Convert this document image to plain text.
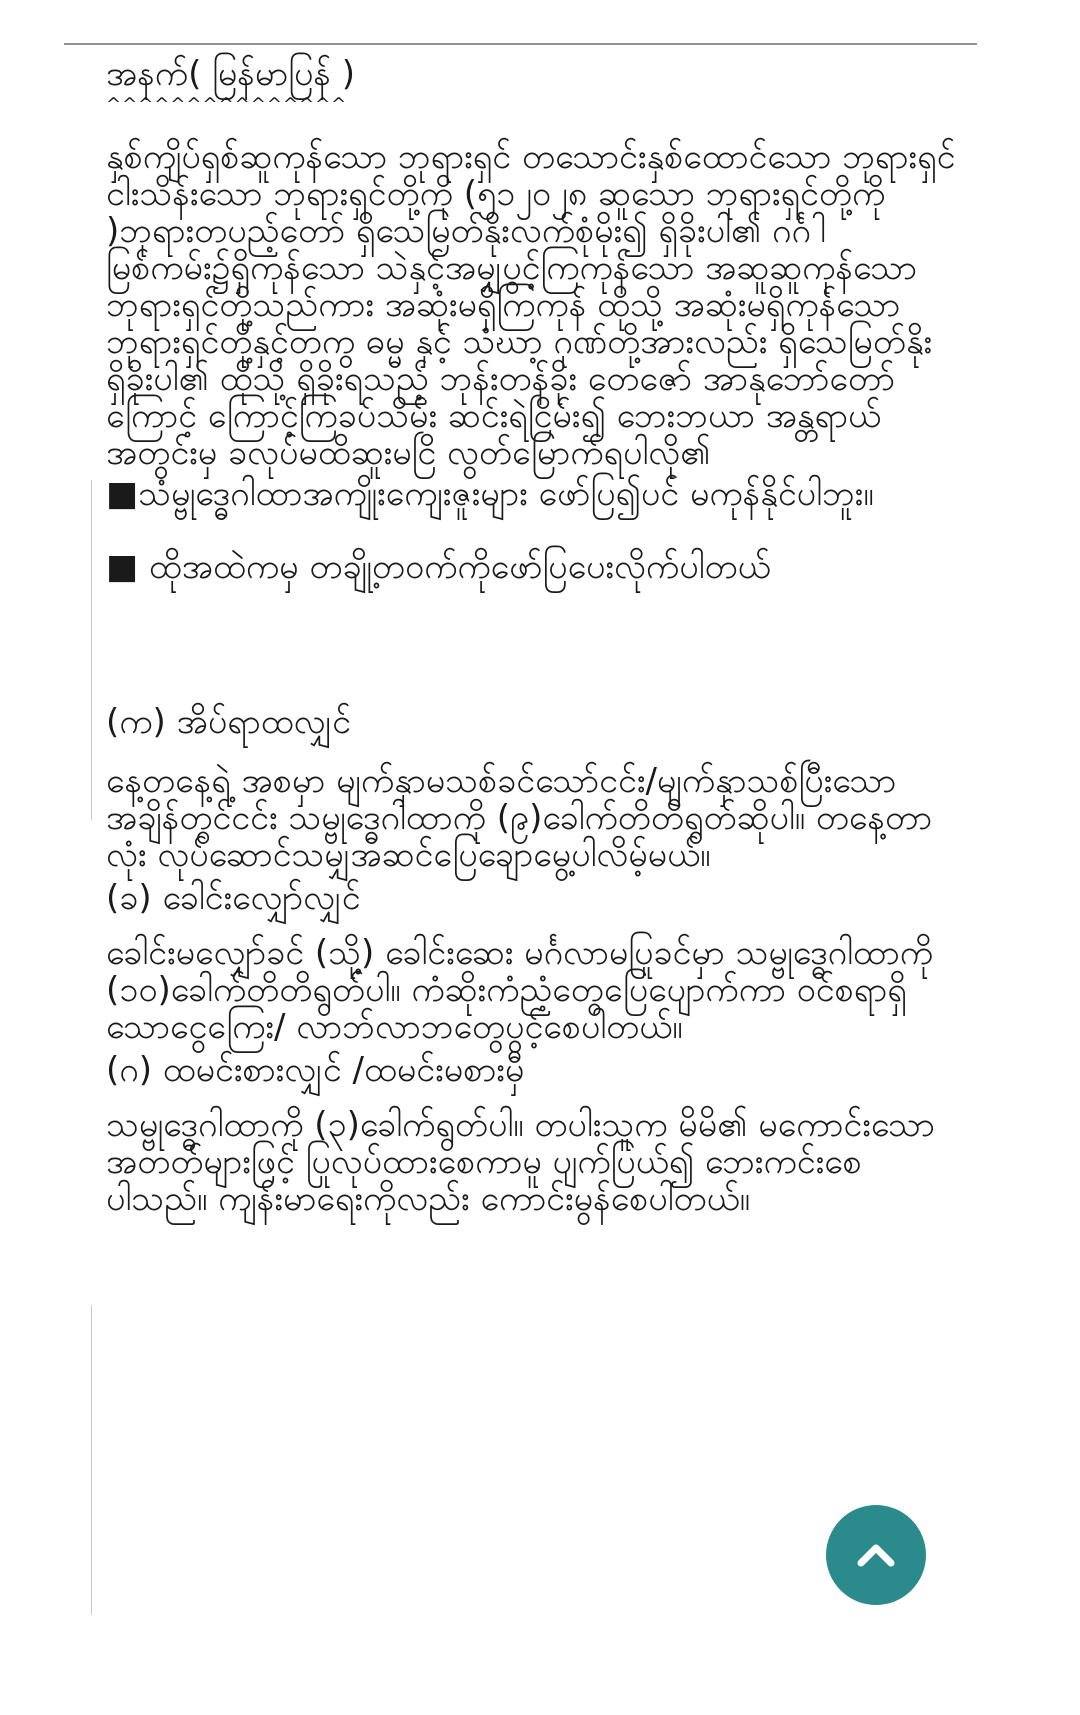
အနက်( မြန်မာပြန် )

^^^^^^^^^^^^^^^

နှစ်ကျိပ်ရှစ်ဆူကုန်သော ဘုရားရှင် တသောင်းနှစ်ထောင်သော ဘုရားရှင် ငါးသိန်းသော ဘုရားရှင်တို့ကို (၅၁၂၀၂၈ ဆူသော ဘုရားရှင်တို့ကို )ဘုရားတပည့်တော် ရှိသေမြတ်နိုးလက်စုံမိုး၍ ရှိခိုးပါ၏ ဂင်္ဂါမြစ်ကမ်း၌ရှိကုန်သော သဲနှင့်အမျှပွင့်ကြကုန်သော အဆူဆူကုန်သော ဘုရားရှင်တို့သည်ကား အဆုံးမရှိကြကုန် ထိုသို့ အဆုံးမရှိကုန်သော ဘုရားရှင်တို့နှင့်တကွ ဓမ္မ နှင့် သံဃာ့ ဂုဏ်တို့အားလည်း ရှိသေမြတ်နိုးရှိခိုးပါ၏ ထိုသို့ ရှိခိုးရသည့် ဘုန်းတန်ခိုး တေဇော် အာနုဘော်တော် ကြောင့် ကြောင့်ကြခပ်သိမ်း ဆင်းရဲငြိမ်း၍ ဘေးဘယာ အန္တရာယ်အတွင်းမှ ခလုပ်မထိဆူးမငြိ လွတ်မြောက်ရပါလို၏

■သံမ္ဗုဒ္ဓေဂါထာအကျိုးကျေးဇူးများ ဖော်ပြ၍ပင် မကုန်နိုင်ပါဘူး။

■ ထိုအထဲကမှ တချို့တဝက်ကိုဖော်ပြပေးလိုက်ပါတယ်

(က) အိပ်ရာထလျှင်

နေ့တနေ့ရဲ့ အစမှာ မျက်နှာမသစ်ခင်သော်ငင်း/မျက်နှာသစ်ပြီးသောအချိန်တွင်ငင်း သမ္ဗုဒ္ဓေဂါထာကို (၉)ခေါက်တိတိရွတ်ဆိုပါ။ တနေ့တာလုံး လုပ်ဆောင်သမျှအဆင်ပြေချောမွေ့ပါလိမ့်မယ်။

(ခ) ခေါင်းလျှော်လျှင်

ခေါင်းမလျှော်ခင် (သို့) ခေါင်းဆေး မင်္ဂလာမပြုခင်မှာ သမ္ဗုဒ္ဓေဂါထာကို (၁၀)ခေါက်တိတိရွတ်ပါ။ ကံဆိုးကံညံ့တွေပြေပျောက်ကာ ဝင်စရာရှိသောငွေကြေး/ လာဘ်လာဘတွေပွင့်စေပါတယ်။

(ဂ) ထမင်းစားလျှင် /ထမင်းမစားမှီ

သမ္ဗုဒ္ဓေဂါထာကို (၃)ခေါက်ရွတ်ပါ။ တပါးသူက မိမိ၏ မကောင်းသော အတတ်များဖြင့် ပြုလုပ်ထားစေကာမူ ပျက်ပြယ်၍ ဘေးကင်းစေပါသည်။ ကျန်းမာရေးကိုလည်း ကောင်းမွန်စေပါတယ်။
